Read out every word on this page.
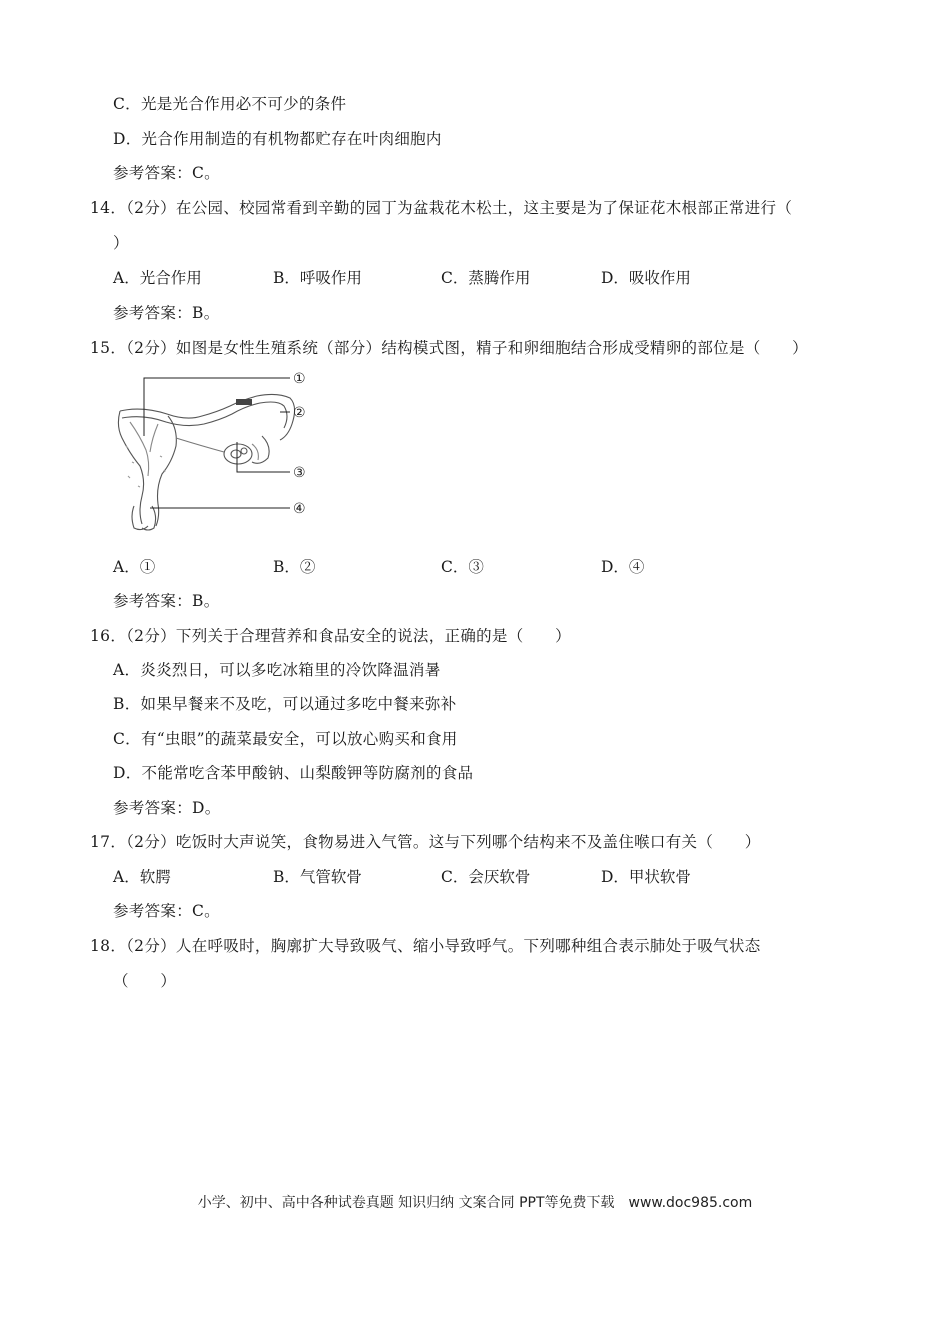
C．光是光合作用必不可少的条件
D．光合作用制造的有机物都贮存在叶肉细胞内
参考答案：C。
14．（2分）在公园、校园常看到辛勤的园丁为盆栽花木松土，这主要是为了保证花木根部正常进行（
）
A．光合作用	B．呼吸作用	C．蒸腾作用	D．吸收作用
参考答案：B。
15．（2分）如图是女性生殖系统（部分）结构模式图，精子和卵细胞结合形成受精卵的部位是（　　）
①
②
③
④
A．①	B．②	C．③	D．④
参考答案：B。
16．（2分）下列关于合理营养和食品安全的说法，正确的是（　　）
A．炎炎烈日，可以多吃冰箱里的冷饮降温消暑
B．如果早餐来不及吃，可以通过多吃中餐来弥补
C．有“虫眼”的蔬菜最安全，可以放心购买和食用
D．不能常吃含苯甲酸钠、山梨酸钾等防腐剂的食品
参考答案：D。
17．（2分）吃饭时大声说笑，食物易进入气管。这与下列哪个结构来不及盖住喉口有关（　　）
A．软腭	B．气管软骨	C．会厌软骨	D．甲状软骨
参考答案：C。
18．（2分）人在呼吸时，胸廓扩大导致吸气、缩小导致呼气。下列哪种组合表示肺处于吸气状态
（　　）
小学、初中、高中各种试卷真题 知识归纳 文案合同 PPT等免费下载　www.doc985.com
